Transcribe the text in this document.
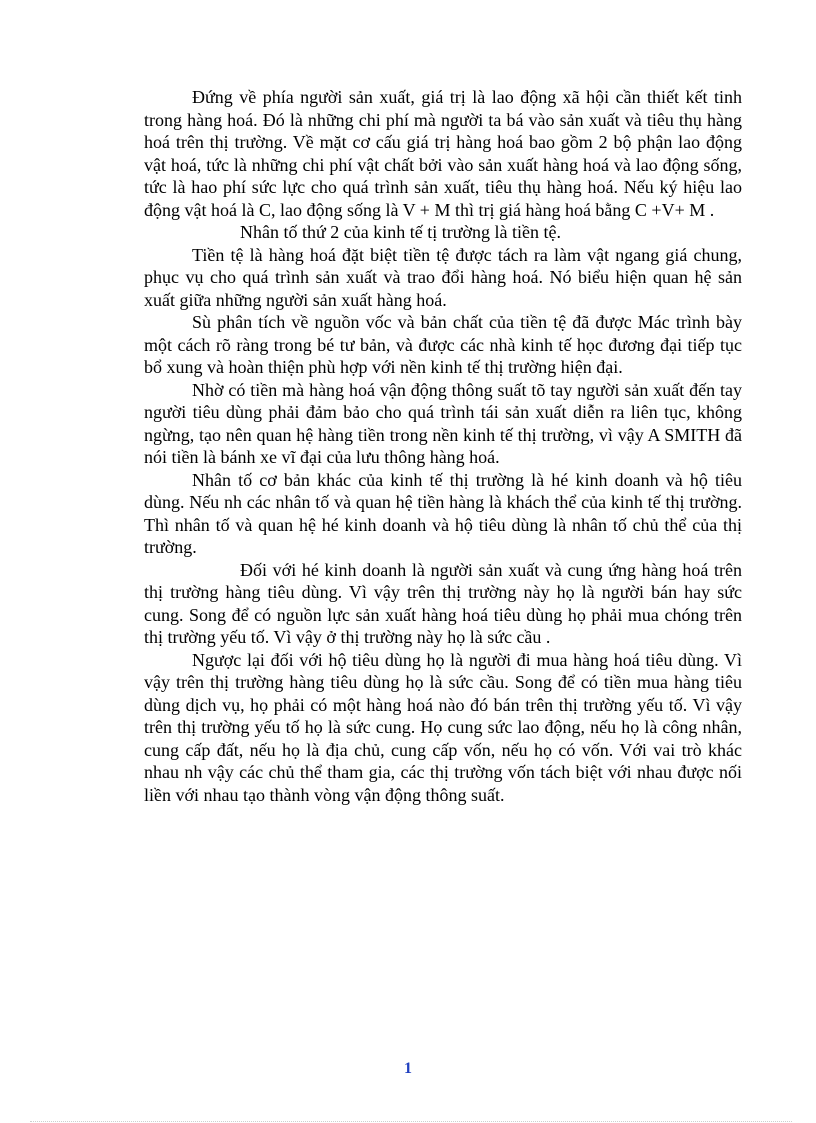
Đứng về phía người sản xuất, giá trị là lao động xã hội cần thiết kết tinh trong hàng hoá. Đó là những chi phí mà người ta bá vào sản xuất và tiêu thụ hàng hoá trên thị trường. Về mặt cơ cấu giá trị hàng hoá bao gồm 2 bộ phận lao động vật hoá, tức là những chi phí vật chất bởi vào sản xuất hàng hoá và lao động sống, tức là hao phí sức lực cho quá trình sản xuất, tiêu thụ hàng hoá. Nếu ký hiệu lao động vật hoá là C, lao động sống là V + M thì trị giá hàng hoá bằng C +V+ M .

Nhân tố thứ 2 của kinh tế tị trường là tiền tệ.

Tiền tệ là hàng hoá đặt biệt tiền tệ được tách ra làm vật ngang giá chung, phục vụ cho quá trình sản xuất và trao đổi hàng hoá. Nó biểu hiện quan hệ sản xuất giữa những người sản xuất hàng hoá.

Sù phân tích về nguồn vốc và bản chất của tiền tệ đã được Mác trình bày một cách rõ ràng trong bé tư bản, và được các nhà kinh tế học đương đại tiếp tục bổ xung và hoàn thiện phù hợp với nền kinh tế thị trường hiện đại.

Nhờ có tiền mà hàng hoá vận động thông suất tõ tay người sản xuất đến tay người tiêu dùng phải đảm bảo cho quá trình tái sản xuất diễn ra liên tục, không ngừng, tạo nên quan hệ hàng tiền trong nền kinh tế thị trường, vì vậy A SMITH đã nói tiền là bánh xe vĩ đại của lưu thông hàng hoá.

Nhân tố cơ bản khác của kinh tế thị trường là hé kinh doanh và hộ tiêu dùng. Nếu nh các nhân tố và quan hệ tiền hàng là khách thể của kinh tế thị trường. Thì nhân tố và quan hệ hé kinh doanh và hộ tiêu dùng là nhân tố chủ thể của thị trường.

Đối với hé kinh doanh là người sản xuất và cung ứng hàng hoá trên thị trường hàng tiêu dùng. Vì vậy trên thị trường này họ là người bán hay sức cung. Song để có nguồn lực sản xuất hàng hoá tiêu dùng họ phải mua chóng trên thị trường yếu tố. Vì vậy ở thị trường này họ là sức cầu .

Ngược lại đối với hộ tiêu dùng họ là người đi mua hàng hoá tiêu dùng. Vì vậy trên thị trường hàng tiêu dùng họ là sức cầu. Song để có tiền mua hàng tiêu dùng dịch vụ, họ phải có một hàng hoá nào đó bán trên thị trường yếu tố. Vì vậy trên thị trường yếu tố họ là sức cung. Họ cung sức lao động, nếu họ là công nhân, cung cấp đất, nếu họ là địa chủ, cung cấp vốn, nếu họ có vốn. Với vai trò khác nhau nh vậy các chủ thể tham gia, các thị trường vốn tách biệt với nhau được nối liền với nhau tạo thành vòng vận động thông suất.

1
